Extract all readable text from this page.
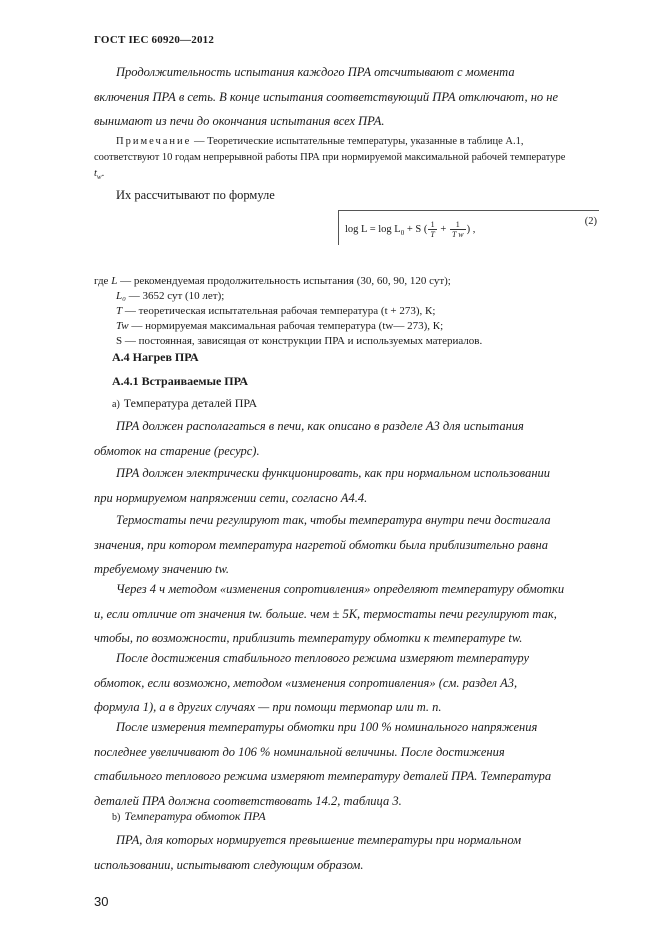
ГОСТ IEC 60920—2012
Продолжительность испытания каждого ПРА отсчитывают с момента
включения ПРА в сеть. В конце испытания соответствующий ПРА отключают, но не
вынимают из печи до окончания испытания всех ПРА.
Примечание — Теоретические испытательные температуры, указанные в таблице А.1,
соответствуют 10 годам непрерывной работы ПРА при нормируемой максимальной рабочей температуре
$t_w$.
Их рассчитывают по формуле
$\log L = \log L_0 + S$ ( $\frac{1}{T} + \frac{1}{\text{T w}}$ ) ,
(2)
где L — рекомендуемая продолжительность испытания (30, 60, 90, 120 сут);
L₀ — 3652 сут (10 лет);
T — теоретическая испытательная рабочая температура (t + 273), К;
Tw — нормируемая максимальная рабочая температура (tw— 273), К;
S — постоянная, зависящая от конструкции ПРА и используемых материалов.
А.4 Нагрев ПРА
А.4.1 Встраиваемые ПРА
а) Температура деталей ПРА
ПРА должен располагаться в печи, как описано в разделе А3 для испытания
обмоток на старение (ресурс).
ПРА должен электрически функционировать, как при нормальном использовании
при нормируемом напряжении сети, согласно А4.4.
Термостаты печи регулируют так, чтобы температура внутри печи достигала
значения, при котором температура нагретой обмотки была приблизительно равна
требуемому значению tw.
Через 4 ч методом «изменения сопротивления» определяют температуру обмотки
и, если отличие от значения tw. больше. чем ± 5К, термостаты печи регулируют так,
чтобы, по возможности, приблизить температуру обмотки к температуре tw.
После достижения стабильного теплового режима измеряют температуру
обмоток, если возможно, методом «изменения сопротивления» (см. раздел А3,
формула 1), а в других случаях — при помощи термопар или т. п.
После измерения температуры обмотки при 100 % номинального напряжения
последнее увеличивают до 106 % номинальной величины. После достижения
стабильного теплового режима измеряют температуру деталей ПРА. Температура
деталей ПРА должна соответствовать 14.2, таблица 3.
b) Температура обмоток ПРА
ПРА, для которых нормируется превышение температуры при нормальном
использовании, испытывают следующим образом.
30
